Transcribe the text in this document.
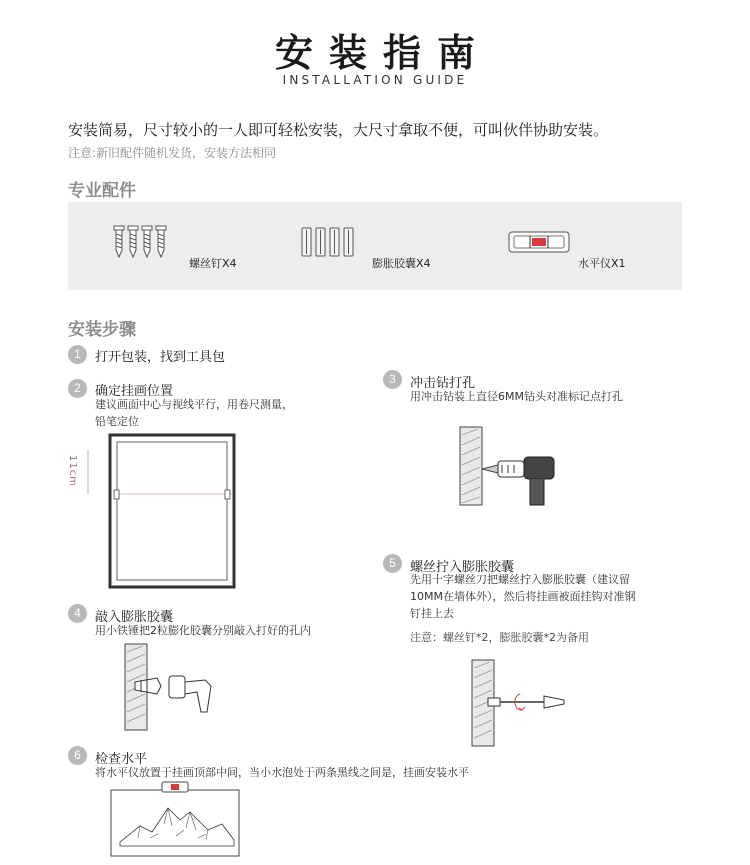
安装指南
INSTALLATION GUIDE
安装简易，尺寸较小的一人即可轻松安装，大尺寸拿取不便，可叫伙伴协助安装。
注意:新旧配件随机发货，安装方法相同
专业配件
螺丝钉X4	膨胀胶囊X4	水平仪X1
安装步骤
1	打开包装，找到工具包
2	确定挂画位置
建议画面中心与视线平行，用卷尺测量，
铅笔定位
11cm
3	冲击钻打孔
用冲击钻装上直径6MM钻头对准标记点打孔
5	螺丝拧入膨胀胶囊
先用十字螺丝刀把螺丝拧入膨胀胶囊（建议留
10MM在墙体外），然后将挂画被面挂钩对准钢
钉挂上去
注意：螺丝钉*2，膨胀胶囊*2为备用
4	敲入膨胀胶囊
用小铁锤把2粒膨化胶囊分别敲入打好的孔内
6	检查水平
将水平仪放置于挂画顶部中间，当小水泡处于两条黑线之间是，挂画安装水平
